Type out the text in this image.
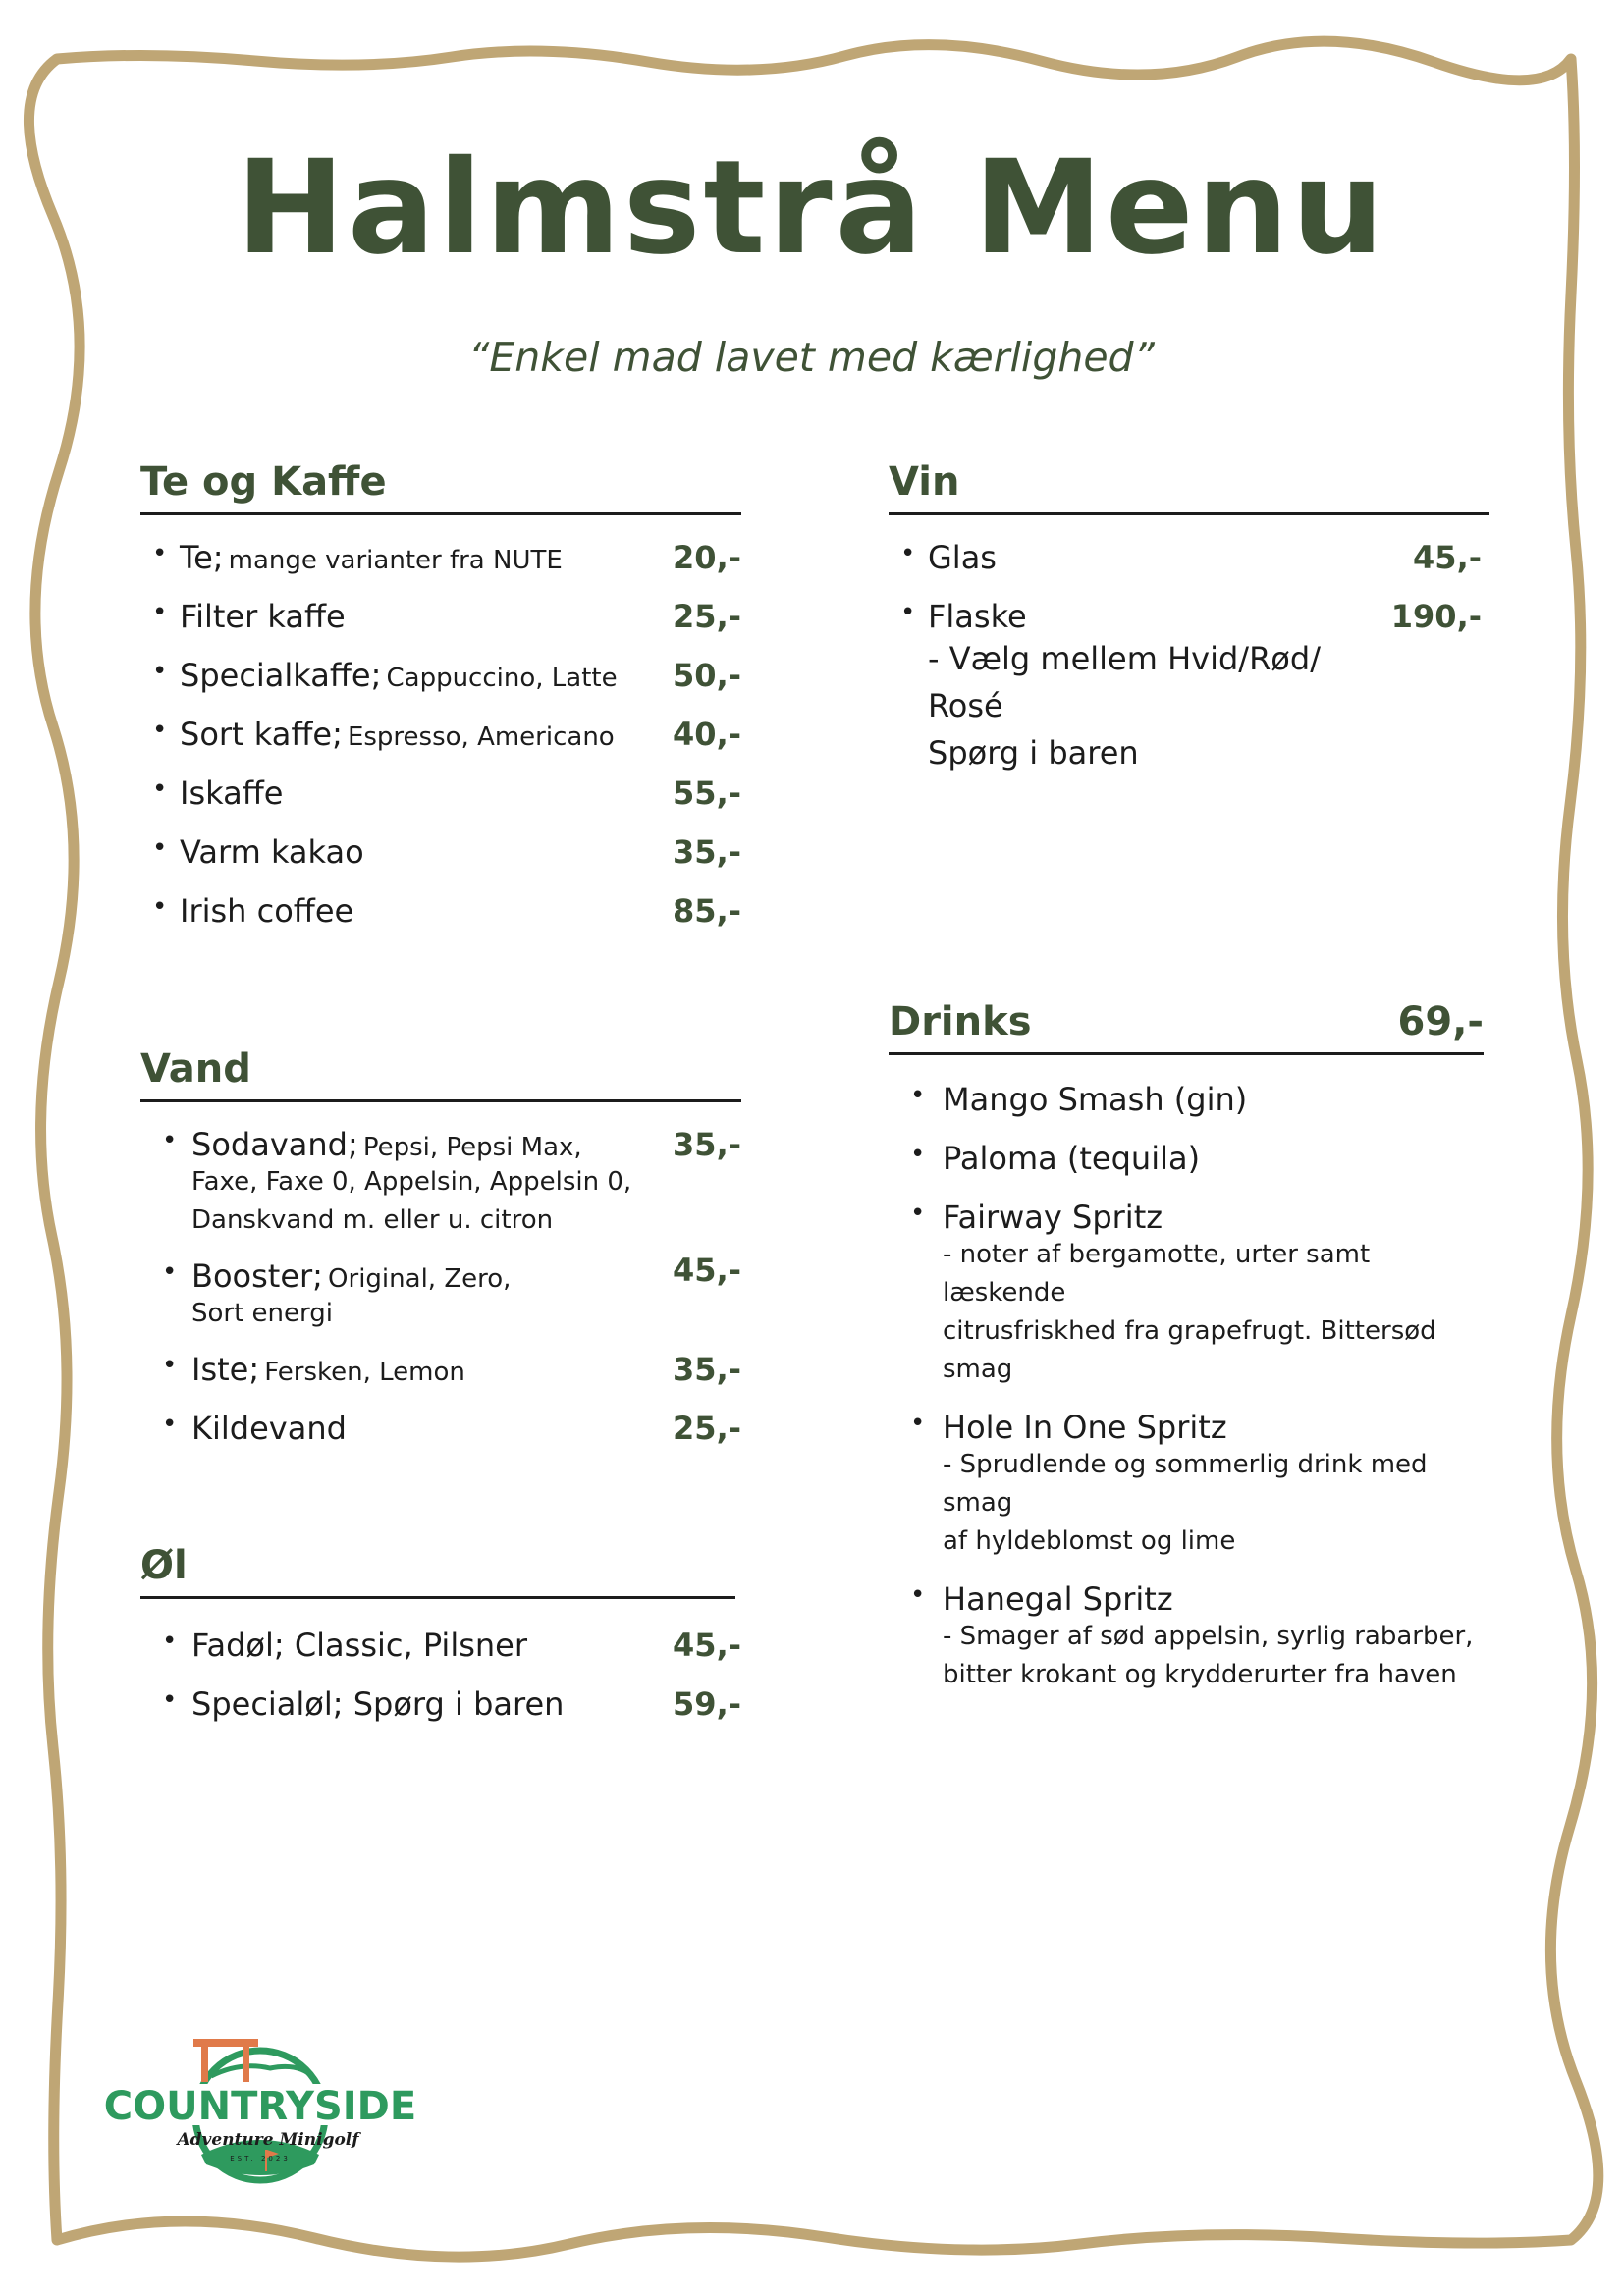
Halmstrå Menu
“Enkel mad lavet med kærlighed”
Te og Kaffe
• Te; mange varianter fra NUTE	20,-
• Filter kaffe	25,-
• Specialkaffe; Cappuccino, Latte 50,-
• Sort kaffe; Espresso, Americano 40,-
• Iskaffe	55,-
• Varm kakao	35,-
• Irish coffee	85,-
Vand
• Sodavand; Pepsi, Pepsi Max,
Faxe, Faxe 0, Appelsin, Appelsin 0,
Danskvand m. eller u. citron
35,-
• Booster; Original, Zero,
Sort energi
45,-
• Iste; Fersken, Lemon	35,-
• Kildevand	25,-
Øl
• Fadøl; Classic, Pilsner	45,-
• Specialøl; Spørg i baren	59,-
Vin
• Glas	45,-
• Flaske
- Vælg mellem Hvid/Rød/
Rosé
Spørg i baren
190,-
Drinks	69,-
• Mango Smash (gin)
• Paloma (tequila)
• Fairway Spritz
- noter af bergamotte, urter samt læskende
citrusfriskhed fra grapefrugt. Bittersød smag
• Hole In One Spritz
- Sprudlende og sommerlig drink med smag
af hyldeblomst og lime
• Hanegal Spritz
- Smager af sød appelsin, syrlig rabarber,
bitter krokant og krydderurter fra haven
COUNTRYSIDE
Adventure Minigolf
EST. 2023
